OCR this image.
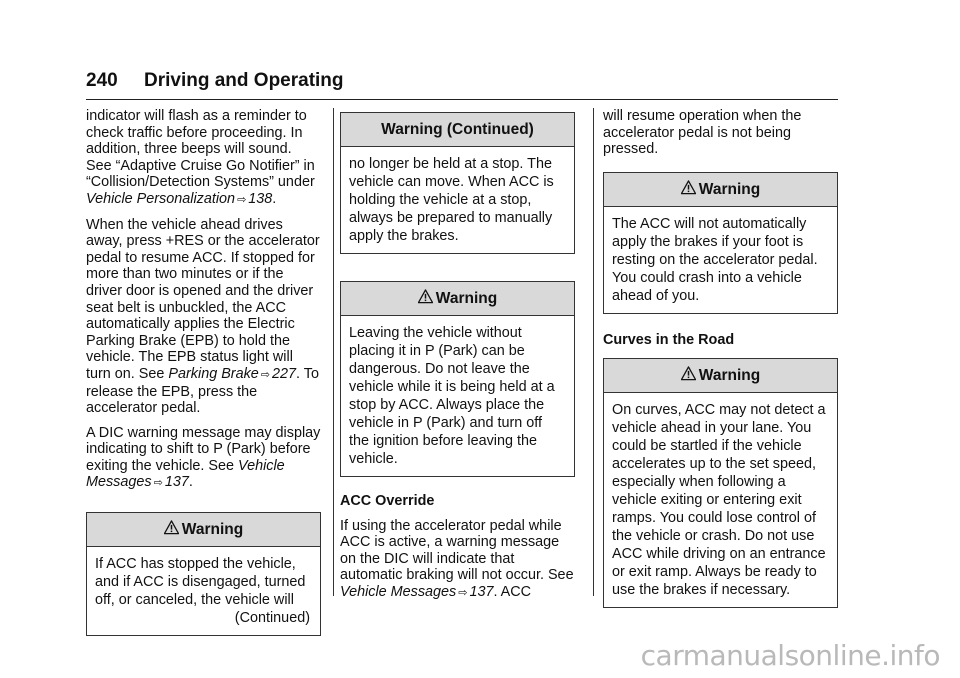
240 Driving and Operating

indicator will flash as a reminder to check traffic before proceeding. In addition, three beeps will sound. See “Adaptive Cruise Go Notifier” in “Collision/Detection Systems” under Vehicle Personalization ⇨ 138.

When the vehicle ahead drives away, press +RES or the accelerator pedal to resume ACC. If stopped for more than two minutes or if the driver door is opened and the driver seat belt is unbuckled, the ACC automatically applies the Electric Parking Brake (EPB) to hold the vehicle. The EPB status light will turn on. See Parking Brake ⇨ 227. To release the EPB, press the accelerator pedal.

A DIC warning message may display indicating to shift to P (Park) before exiting the vehicle. See Vehicle Messages ⇨ 137.

Warning
If ACC has stopped the vehicle, and if ACC is disengaged, turned off, or canceled, the vehicle will
(Continued)
Warning (Continued)
no longer be held at a stop. The vehicle can move. When ACC is holding the vehicle at a stop, always be prepared to manually apply the brakes.
Warning
Leaving the vehicle without placing it in P (Park) can be dangerous. Do not leave the vehicle while it is being held at a stop by ACC. Always place the vehicle in P (Park) and turn off the ignition before leaving the vehicle.
ACC Override

If using the accelerator pedal while ACC is active, a warning message on the DIC will indicate that automatic braking will not occur. See Vehicle Messages ⇨ 137. ACC

will resume operation when the accelerator pedal is not being pressed.

Warning
The ACC will not automatically apply the brakes if your foot is resting on the accelerator pedal. You could crash into a vehicle ahead of you.
Curves in the Road
Warning
On curves, ACC may not detect a vehicle ahead in your lane. You could be startled if the vehicle accelerates up to the set speed, especially when following a vehicle exiting or entering exit ramps. You could lose control of the vehicle or crash. Do not use ACC while driving on an entrance or exit ramp. Always be ready to use the brakes if necessary.
carmanualsonline.info
